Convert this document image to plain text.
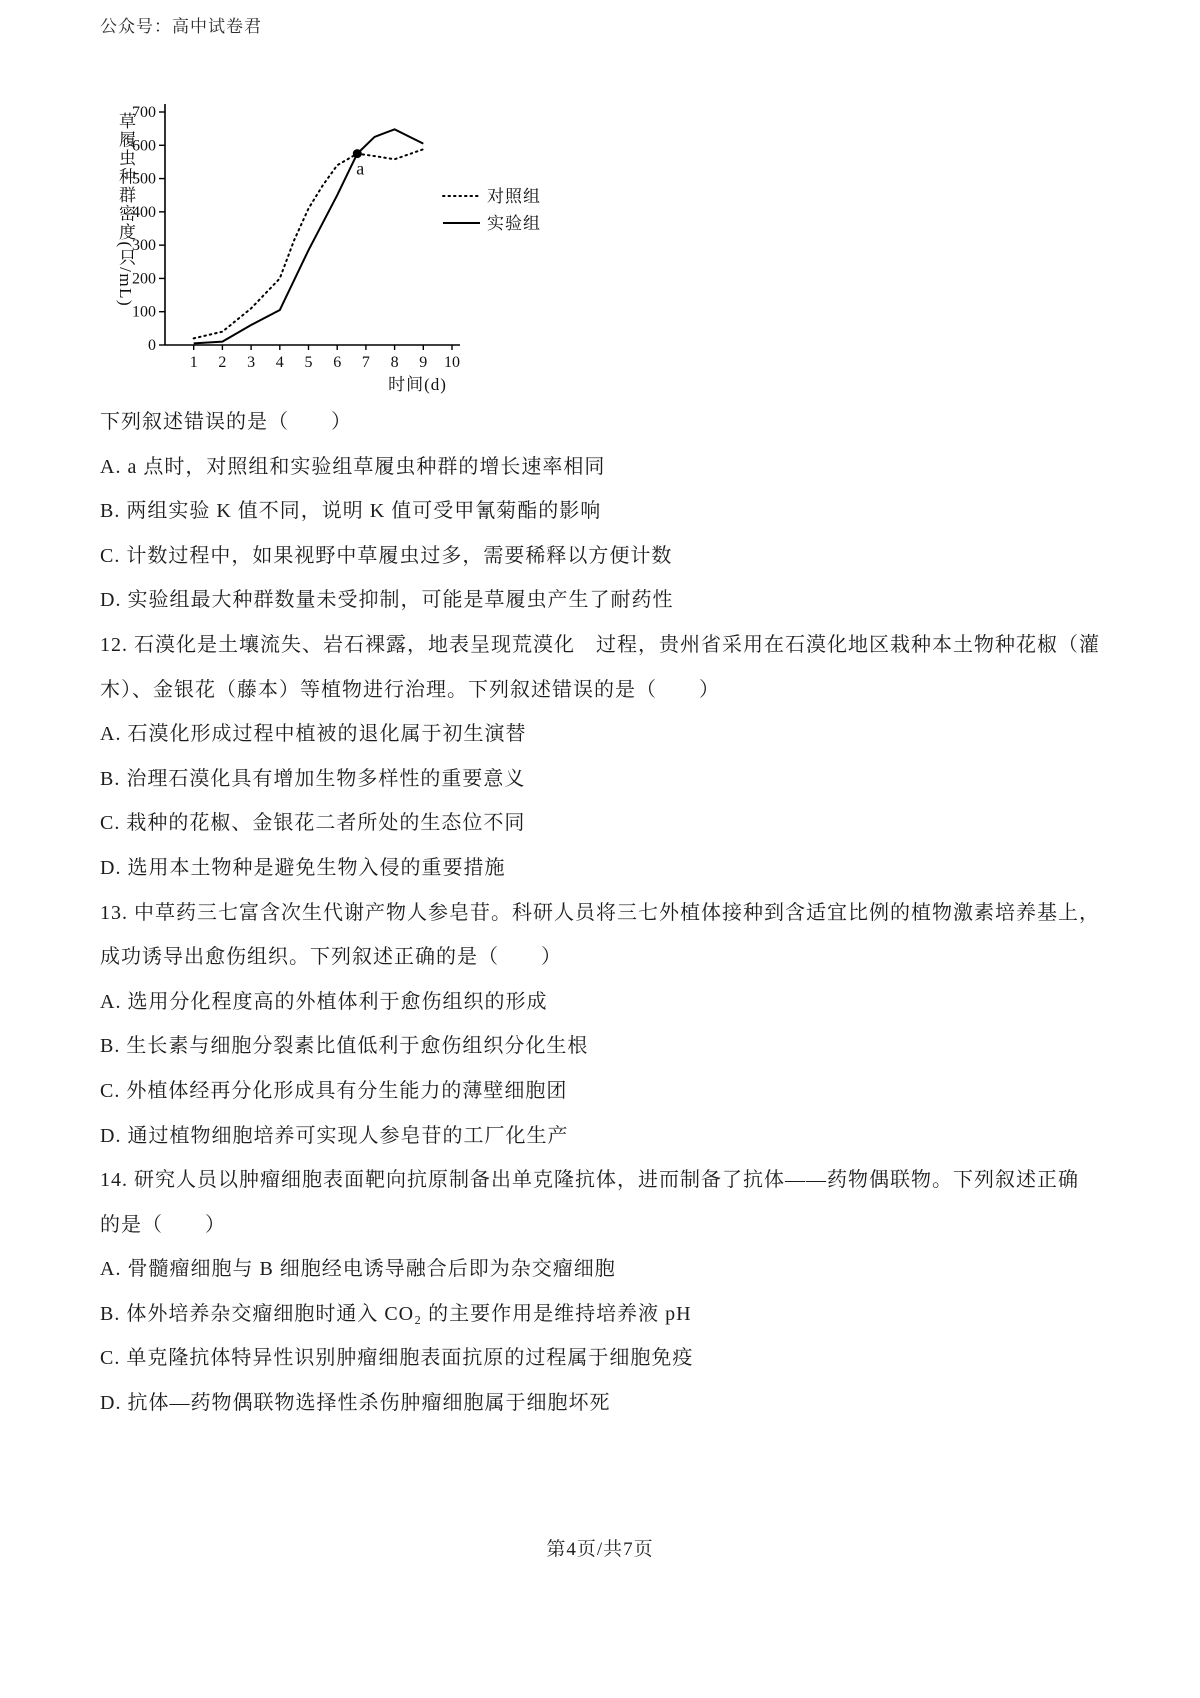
公众号：高中试卷君
草履虫种群密度(只/mL)
0
100
200
300
400
500
600
700
1 2 3 4 5 6 7 8 9 10
时间(d)
对照组
实验组
a

下列叙述错误的是（　　）

A. a 点时，对照组和实验组草履虫种群的增长速率相同

B. 两组实验 K 值不同，说明 K 值可受甲氰菊酯的影响

C. 计数过程中，如果视野中草履虫过多，需要稀释以方便计数

D. 实验组最大种群数量未受抑制，可能是草履虫产生了耐药性

12. 石漠化是土壤流失、岩石裸露，地表呈现荒漠化　过程，贵州省采用在石漠化地区栽种本土物种花椒（灌

木）、金银花（藤本）等植物进行治理。下列叙述错误的是（　　）

A. 石漠化形成过程中植被的退化属于初生演替

B. 治理石漠化具有增加生物多样性的重要意义

C. 栽种的花椒、金银花二者所处的生态位不同

D. 选用本土物种是避免生物入侵的重要措施

13. 中草药三七富含次生代谢产物人参皂苷。科研人员将三七外植体接种到含适宜比例的植物激素培养基上，

成功诱导出愈伤组织。下列叙述正确的是（　　）

A. 选用分化程度高的外植体利于愈伤组织的形成

B. 生长素与细胞分裂素比值低利于愈伤组织分化生根

C. 外植体经再分化形成具有分生能力的薄壁细胞团

D. 通过植物细胞培养可实现人参皂苷的工厂化生产

14. 研究人员以肿瘤细胞表面靶向抗原制备出单克隆抗体，进而制备了抗体——药物偶联物。下列叙述正确

的是（　　）

A. 骨髓瘤细胞与 B 细胞经电诱导融合后即为杂交瘤细胞

B. 体外培养杂交瘤细胞时通入 CO₂ 的主要作用是维持培养液 pH

C. 单克隆抗体特异性识别肿瘤细胞表面抗原的过程属于细胞免疫

D. 抗体—药物偶联物选择性杀伤肿瘤细胞属于细胞坏死

第4页/共7页
